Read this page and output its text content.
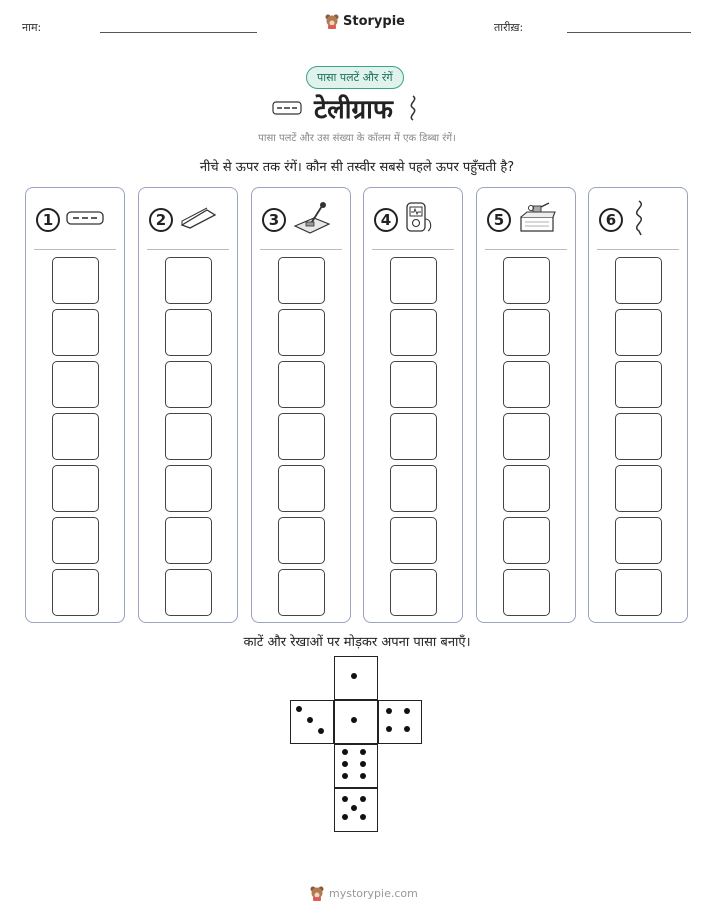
नाम:	Storypie	तारीख़:
पासा पलटें और रंगें
टेलीग्राफ
पासा पलटें और उस संख्या के कॉलम में एक डिब्बा रंगें।
नीचे से ऊपर तक रंगें। कौन सी तस्वीर सबसे पहले ऊपर पहुँचती है?
1	2	3	4	5	6
काटें और रेखाओं पर मोड़कर अपना पासा बनाएँ।
mystorypie.com
